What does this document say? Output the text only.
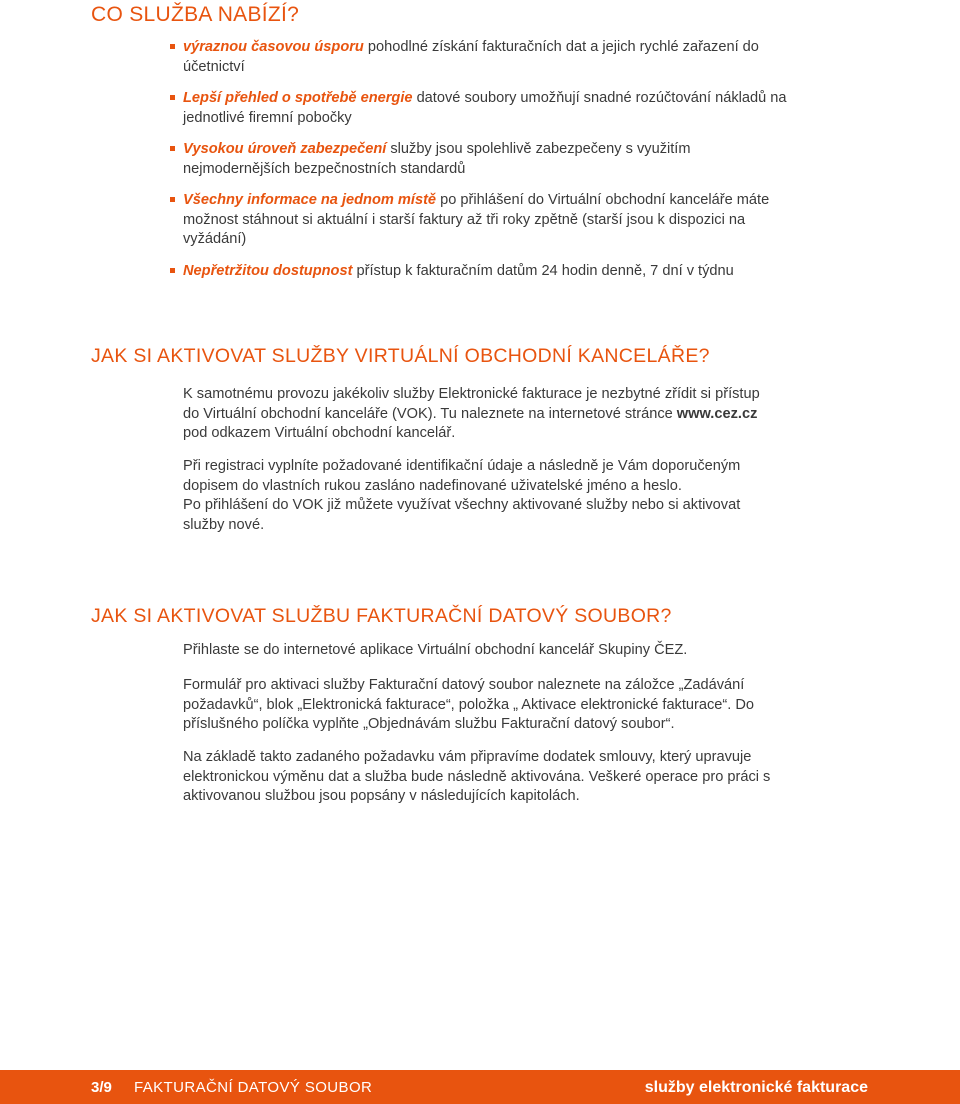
CO SLUŽBA NABÍZÍ?
výraznou časovou úsporu pohodlné získání fakturačních dat a jejich rychlé zařazení do účetnictví
Lepší přehled o spotřebě energie datové soubory umožňují snadné rozúčtování nákladů na jednotlivé firemní pobočky
Vysokou úroveň zabezpečení služby jsou spolehlivě zabezpečeny s využitím nejmodernějších bezpečnostních standardů
Všechny informace na jednom místě po přihlášení do Virtuální obchodní kanceláře máte možnost stáhnout si aktuální i starší faktury až tři roky zpětně (starší jsou k dispozici na vyžádání)
Nepřetržitou dostupnost přístup k fakturačním datům 24 hodin denně, 7 dní v týdnu
JAK SI AKTIVOVAT SLUŽBY VIRTUÁLNÍ OBCHODNÍ KANCELÁŘE?

K samotnému provozu jakékoliv služby Elektronické fakturace je nezbytné zřídit si přístup do Virtuální obchodní kanceláře (VOK). Tu naleznete na internetové stránce www.cez.cz pod odkazem Virtuální obchodní kancelář.

Při registraci vyplníte požadované identifikační údaje a následně je Vám doporučeným dopisem do vlastních rukou zasláno nadefinované uživatelské jméno a heslo.

Po přihlášení do VOK již můžete využívat všechny aktivované služby nebo si aktivovat služby nové.

JAK SI AKTIVOVAT SLUŽBU FAKTURAČNÍ DATOVÝ SOUBOR?

Přihlaste se do internetové aplikace Virtuální obchodní kancelář Skupiny ČEZ.

Formulář pro aktivaci služby Fakturační datový soubor naleznete na záložce „Zadávání požadavků“, blok „Elektronická fakturace“, položka „ Aktivace elektronické fakturace“. Do příslušného políčka vyplňte „Objednávám službu Fakturační datový soubor“.

Na základě takto zadaného požadavku vám připravíme dodatek smlouvy, který upravuje elektronickou výměnu dat a služba bude následně aktivována. Veškeré operace pro práci s aktivovanou službou jsou popsány v následujících kapitolách.

3/9 FAKTURAČNÍ DATOVÝ SOUBOR	služby elektronické fakturace
